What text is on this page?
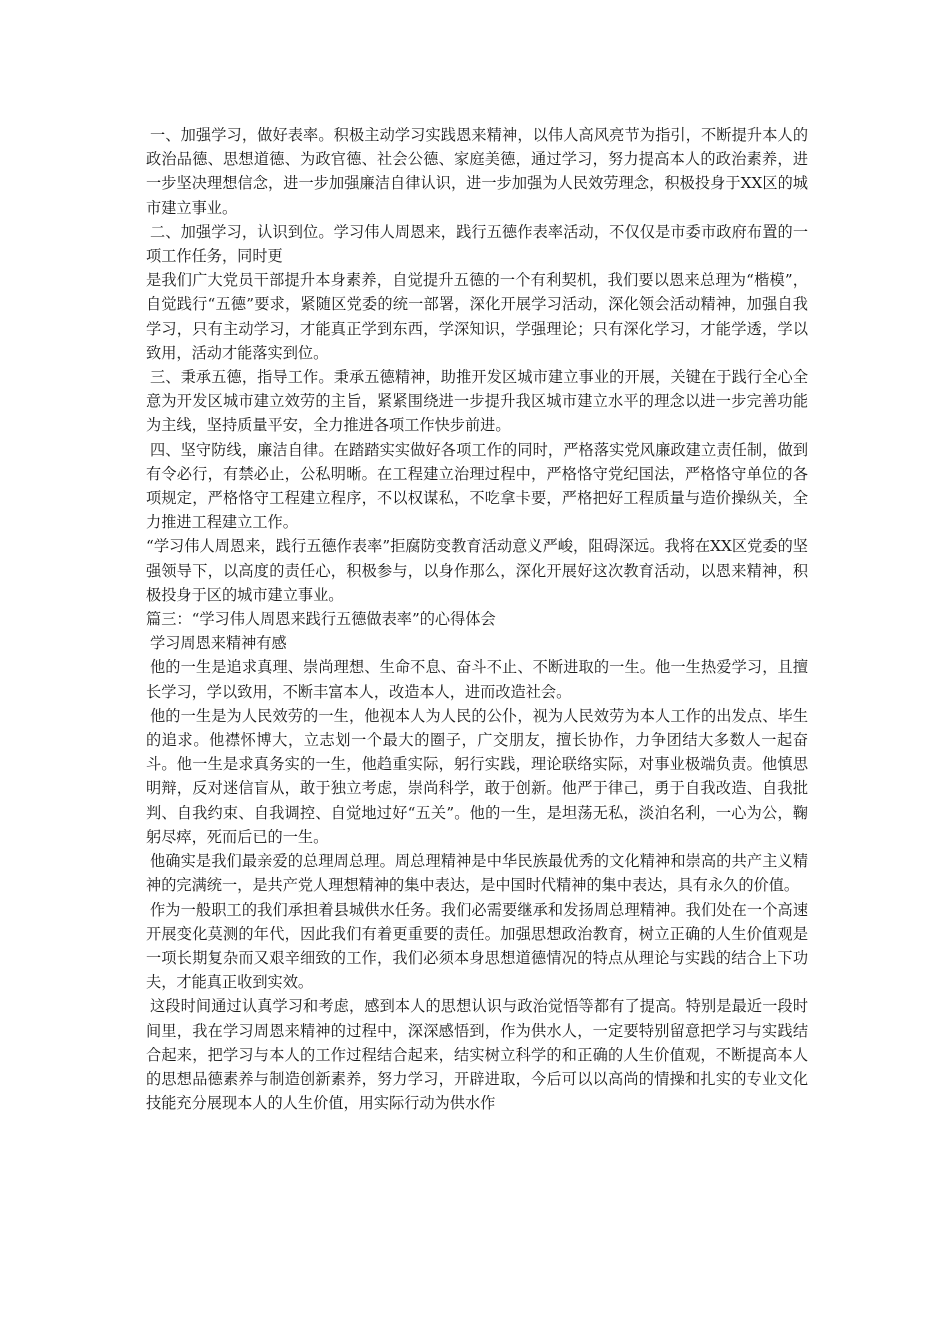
一、加强学习，做好表率。积极主动学习实践恩来精神，以伟人高风亮节为指引，不断提升本人的政治品德、思想道德、为政官德、社会公德、家庭美德，通过学习，努力提高本人的政治素养，进一步坚决理想信念，进一步加强廉洁自律认识，进一步加强为人民效劳理念，积极投身于XX区的城市建立事业。

二、加强学习，认识到位。学习伟人周恩来，践行五德作表率活动，不仅仅是市委市政府布置的一项工作任务，同时更

是我们广大党员干部提升本身素养，自觉提升五德的一个有利契机，我们要以恩来总理为“楷模”，自觉践行“五德”要求，紧随区党委的统一部署，深化开展学习活动，深化领会活动精神，加强自我学习，只有主动学习，才能真正学到东西，学深知识，学强理论；只有深化学习，才能学透，学以致用，活动才能落实到位。

三、秉承五德，指导工作。秉承五德精神，助推开发区城市建立事业的开展，关键在于践行全心全意为开发区城市建立效劳的主旨，紧紧围绕进一步提升我区城市建立水平的理念以进一步完善功能为主线，坚持质量平安，全力推进各项工作快步前进。

四、坚守防线，廉洁自律。在踏踏实实做好各项工作的同时，严格落实党风廉政建立责任制，做到有令必行，有禁必止，公私明晰。在工程建立治理过程中，严格恪守党纪国法，严格恪守单位的各项规定，严格恪守工程建立程序，不以权谋私，不吃拿卡要，严格把好工程质量与造价操纵关，全力推进工程建立工作。

“学习伟人周恩来，践行五德作表率”拒腐防变教育活动意义严峻，阻碍深远。我将在XX区党委的坚强领导下，以高度的责任心，积极参与，以身作那么，深化开展好这次教育活动，以恩来精神，积极投身于区的城市建立事业。

篇三：“学习伟人周恩来践行五德做表率”的心得体会

学习周恩来精神有感

他的一生是追求真理、崇尚理想、生命不息、奋斗不止、不断进取的一生。他一生热爱学习，且擅长学习，学以致用，不断丰富本人，改造本人，进而改造社会。

他的一生是为人民效劳的一生，他视本人为人民的公仆，视为人民效劳为本人工作的出发点、毕生的追求。他襟怀博大，立志划一个最大的圈子，广交朋友，擅长协作，力争团结大多数人一起奋斗。他一生是求真务实的一生，他趋重实际，躬行实践，理论联络实际，对事业极端负责。他慎思明辩，反对迷信盲从，敢于独立考虑，崇尚科学，敢于创新。他严于律己，勇于自我改造、自我批判、自我约束、自我调控、自觉地过好“五关”。他的一生，是坦荡无私，淡泊名利，一心为公，鞠躬尽瘁，死而后已的一生。

他确实是我们最亲爱的总理周总理。周总理精神是中华民族最优秀的文化精神和崇高的共产主义精神的完满统一，是共产党人理想精神的集中表达，是中国时代精神的集中表达，具有永久的价值。

作为一般职工的我们承担着县城供水任务。我们必需要继承和发扬周总理精神。我们处在一个高速开展变化莫测的年代，因此我们有着更重要的责任。加强思想政治教育，树立正确的人生价值观是一项长期复杂而又艰辛细致的工作，我们必须本身思想道德情况的特点从理论与实践的结合上下功夫，才能真正收到实效。

这段时间通过认真学习和考虑，感到本人的思想认识与政治觉悟等都有了提高。特别是最近一段时间里，我在学习周恩来精神的过程中，深深感悟到，作为供水人，一定要特别留意把学习与实践结合起来，把学习与本人的工作过程结合起来，结实树立科学的和正确的人生价值观，不断提高本人的思想品德素养与制造创新素养，努力学习，开辟进取，今后可以以高尚的情操和扎实的专业文化技能充分展现本人的人生价值，用实际行动为供水作
